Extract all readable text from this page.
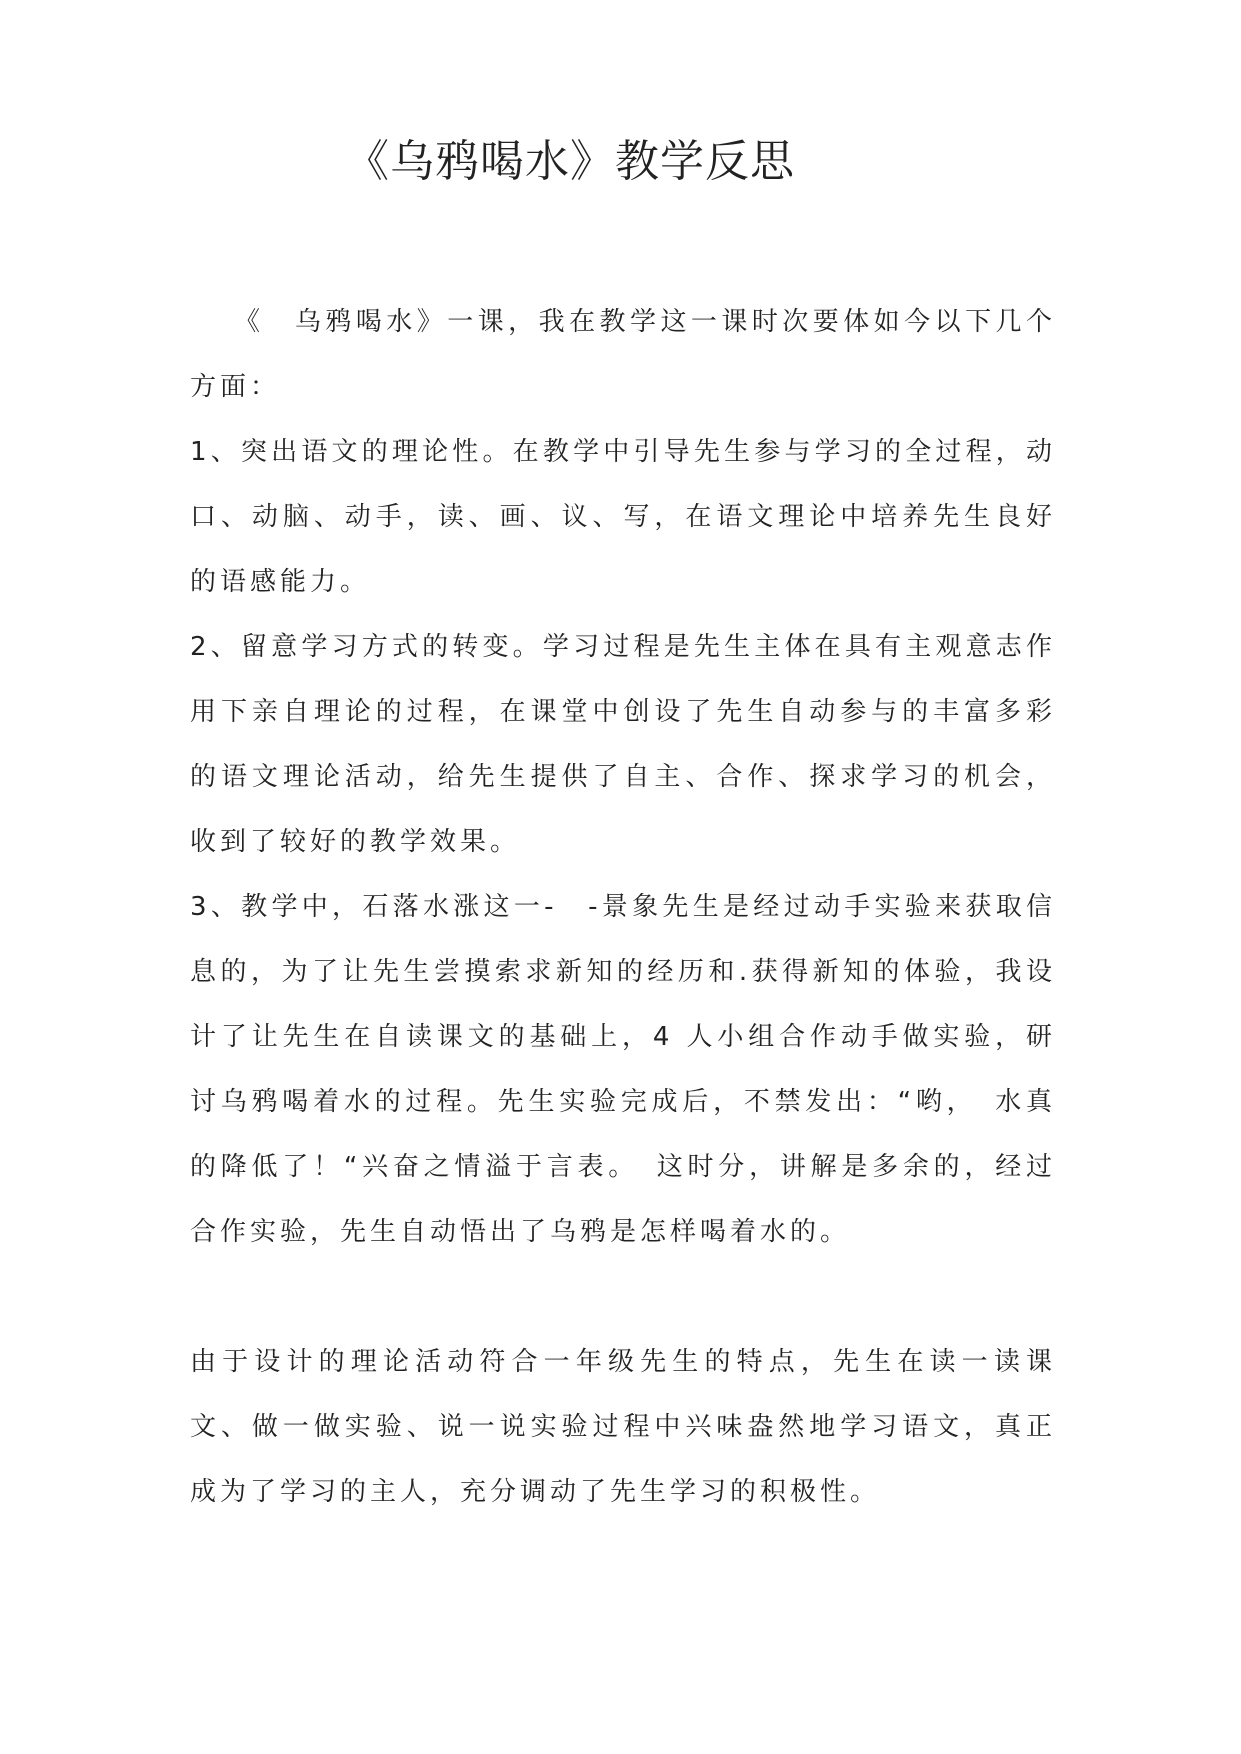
《乌鸦喝水》教学反思

《　乌鸦喝水》一课，我在教学这一课时次要体如今以下几个方面：

1、突出语文的理论性。在教学中引导先生参与学习的全过程，动口、动脑、动手，读、画、议、写，在语文理论中培养先生良好的语感能力。

2、留意学习方式的转变。学习过程是先生主体在具有主观意志作用下亲自理论的过程，在课堂中创设了先生自动参与的丰富多彩的语文理论活动，给先生提供了自主、合作、探求学习的机会，收到了较好的教学效果。

3、教学中，石落水涨这一-　-景象先生是经过动手实验来获取信息的，为了让先生尝摸索求新知的经历和.获得新知的体验，我设计了让先生在自读课文的基础上，4 人小组合作动手做实验，研讨乌鸦喝着水的过程。先生实验完成后，不禁发出：“哟，　水真的降低了！“兴奋之情溢于言表。　这时分，讲解是多余的，经过合作实验，先生自动悟出了乌鸦是怎样喝着水的。

由于设计的理论活动符合一年级先生的特点，先生在读一读课文、做一做实验、说一说实验过程中兴味盎然地学习语文，真正成为了学习的主人，充分调动了先生学习的积极性。
